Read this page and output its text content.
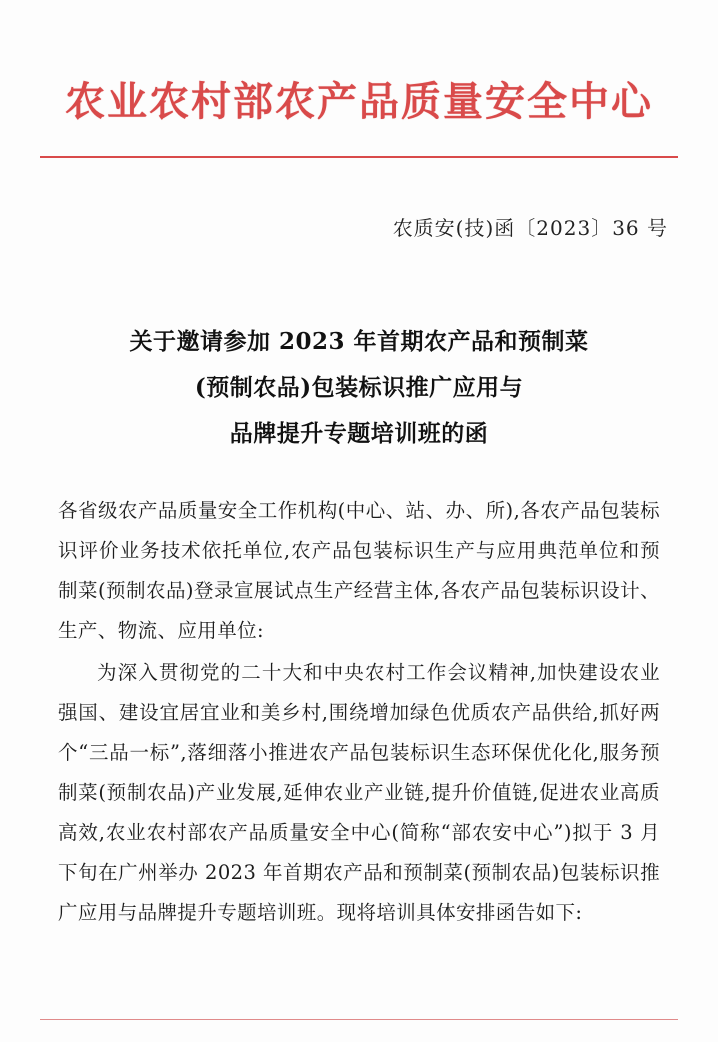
农业农村部农产品质量安全中心
农质安(技)函〔2023〕36 号
关于邀请参加 2023 年首期农产品和预制菜
(预制农品)包装标识推广应用与
品牌提升专题培训班的函

各省级农产品质量安全工作机构(中心、站、办、所),各农产品包装标识评价业务技术依托单位,农产品包装标识生产与应用典范单位和预制菜(预制农品)登录宣展试点生产经营主体,各农产品包装标识设计、生产、物流、应用单位:

为深入贯彻党的二十大和中央农村工作会议精神,加快建设农业强国、建设宜居宜业和美乡村,围绕增加绿色优质农产品供给,抓好两个“三品一标”,落细落小推进农产品包装标识生态环保优化化,服务预制菜(预制农品)产业发展,延伸农业产业链,提升价值链,促进农业高质高效,农业农村部农产品质量安全中心(简称“部农安中心”)拟于 3 月下旬在广州举办 2023 年首期农产品和预制菜(预制农品)包装标识推广应用与品牌提升专题培训班。现将培训具体安排函告如下:
